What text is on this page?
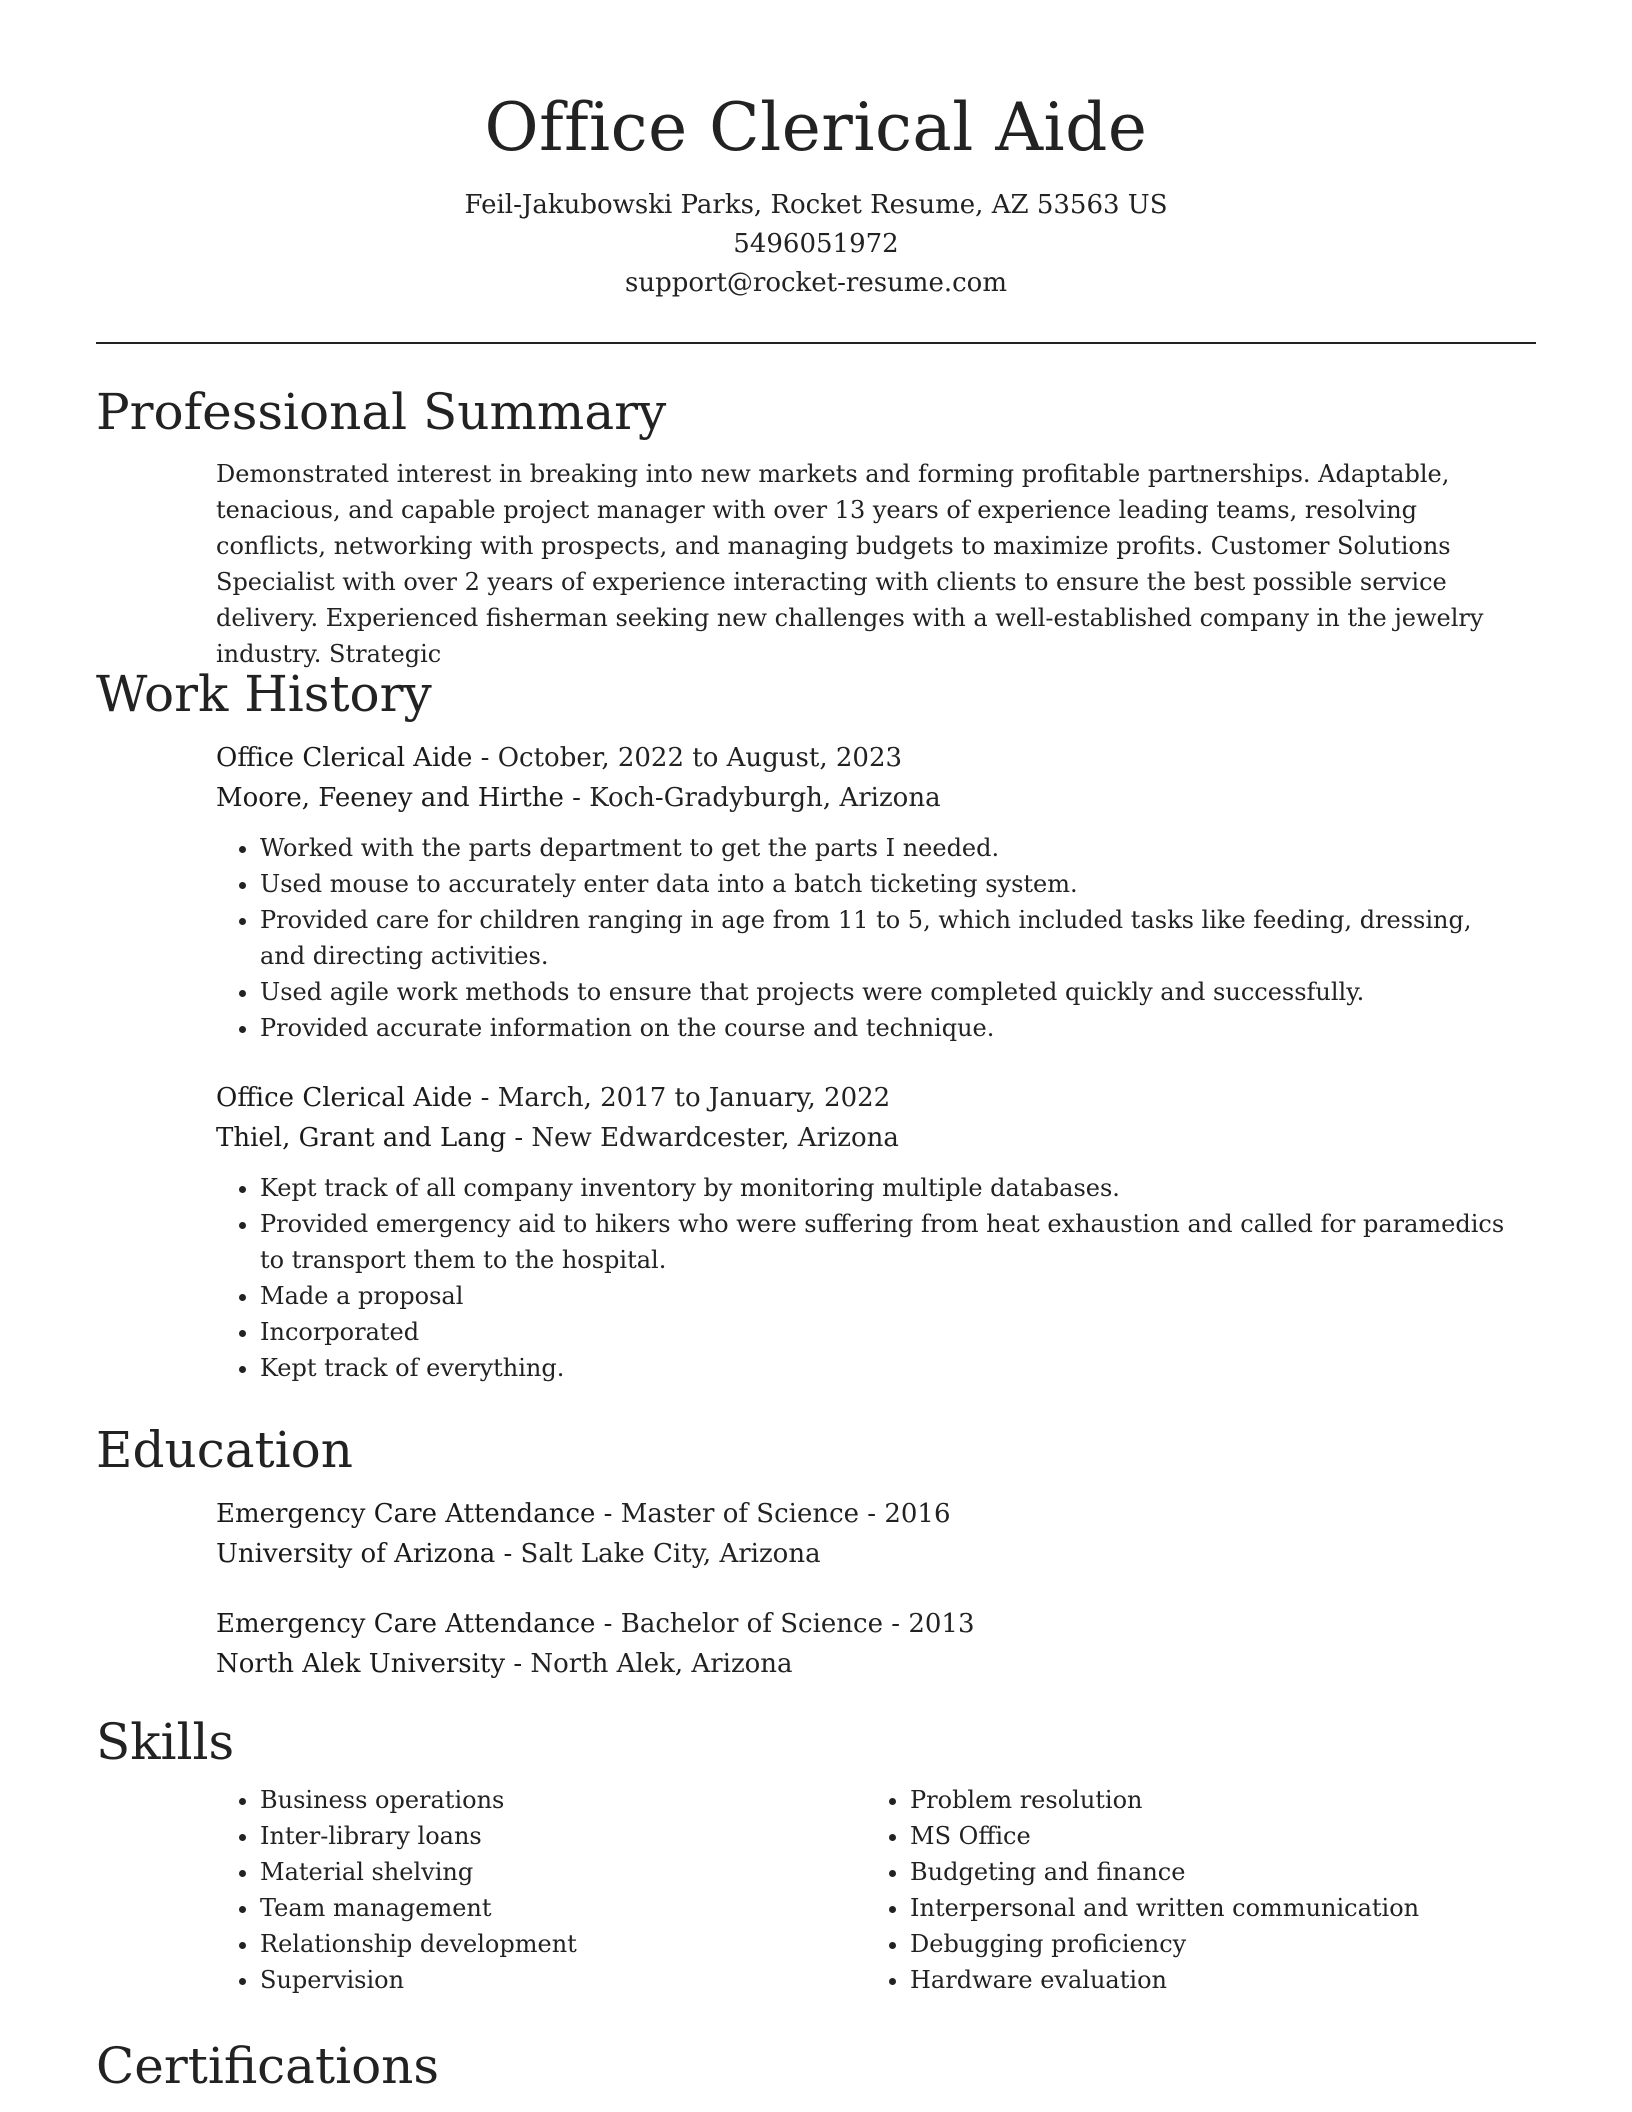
Office Clerical Aide
Feil-Jakubowski Parks, Rocket Resume, AZ 53563 US
5496051972
support@rocket-resume.com
Professional Summary

Demonstrated interest in breaking into new markets and forming profitable partnerships. Adaptable, tenacious, and capable project manager with over 13 years of experience leading teams, resolving conflicts, networking with prospects, and managing budgets to maximize profits. Customer Solutions Specialist with over 2 years of experience interacting with clients to ensure the best possible service delivery. Experienced fisherman seeking new challenges with a well-established company in the jewelry industry. Strategic

Work History
Office Clerical Aide - October, 2022 to August, 2023
Moore, Feeney and Hirthe - Koch-Gradyburgh, Arizona
• Worked with the parts department to get the parts I needed.
• Used mouse to accurately enter data into a batch ticketing system.
• Provided care for children ranging in age from 11 to 5, which included tasks like feeding, dressing, and directing activities.
• Used agile work methods to ensure that projects were completed quickly and successfully.
• Provided accurate information on the course and technique.
Office Clerical Aide - March, 2017 to January, 2022
Thiel, Grant and Lang - New Edwardcester, Arizona
• Kept track of all company inventory by monitoring multiple databases.
• Provided emergency aid to hikers who were suffering from heat exhaustion and called for paramedics to transport them to the hospital.
• Made a proposal
• Incorporated
• Kept track of everything.
Education
Emergency Care Attendance - Master of Science - 2016
University of Arizona - Salt Lake City, Arizona
Emergency Care Attendance - Bachelor of Science - 2013
North Alek University - North Alek, Arizona
Skills
• Business operations
• Inter-library loans
• Material shelving
• Team management
• Relationship development
• Supervision
• Problem resolution
• MS Office
• Budgeting and finance
• Interpersonal and written communication
• Debugging proficiency
• Hardware evaluation
Certifications
